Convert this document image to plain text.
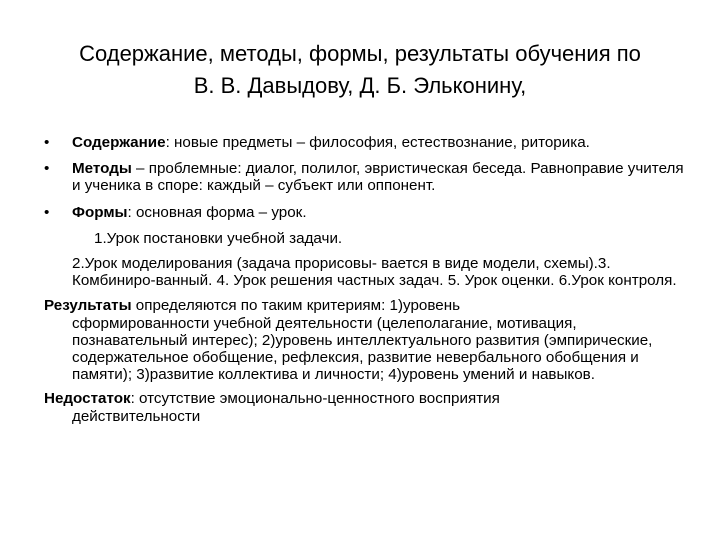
Содержание, методы, формы, результаты обучения по
В. В. Давыдову, Д. Б. Эльконину,
•	Содержание: новые предметы – философия, естествознание, риторика.
•	Методы – проблемные: диалог, полилог, эвристическая беседа. Равноправие учителя и ученика в споре: каждый – субъект или оппонент.
•	Формы: основная форма – урок.
1.Урок постановки учебной задачи.
2.Урок моделирования (задача прорисовы- вается в виде модели, схемы).3. Комбиниро-ванный. 4. Урок решения частных задач. 5. Урок оценки. 6.Урок контроля.
Результаты определяются по таким критериям: 1)уровень
сформированности учебной деятельности (целеполагание, мотивация, познавательный интерес); 2)уровень интеллектуального развития (эмпирические, содержательное обобщение, рефлексия, развитие невербального обобщения и памяти); 3)развитие коллектива и личности; 4)уровень умений и навыков.
Недостаток: отсутствие эмоционально-ценностного восприятия
действительности
